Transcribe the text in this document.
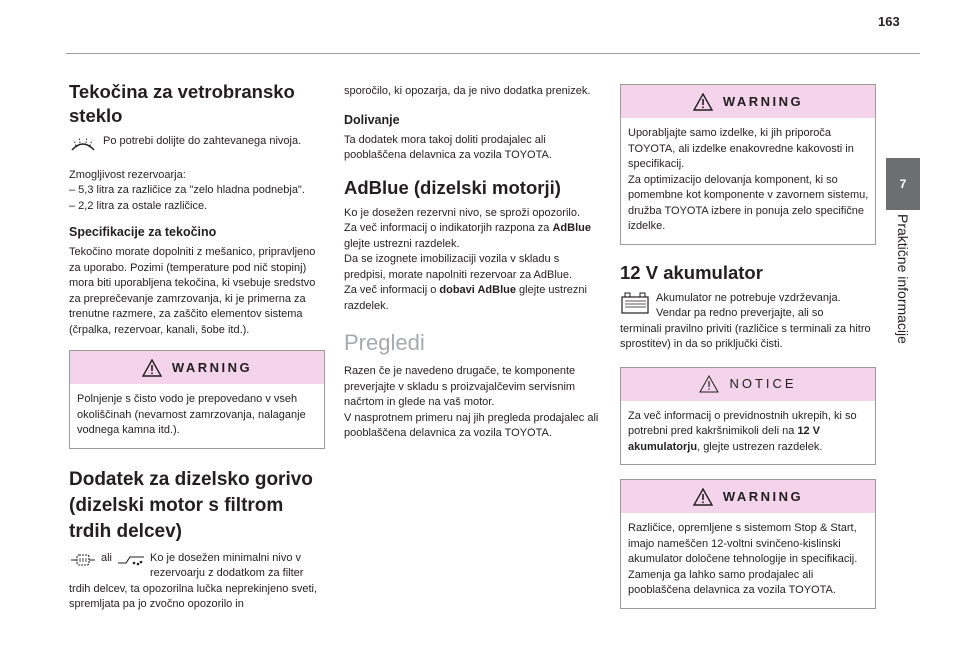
163
7
Praktične informacije
Tekočina za vetrobransko steklo

Po potrebi dolijte do zahtevanega nivoja.

Zmogljivost rezervoarja:

– 5,3 litra za različice za "zelo hladna podnebja".

– 2,2 litra za ostale različice.

Specifikacije za tekočino

Tekočino morate dopolniti z mešanico, pripravljeno za uporabo. Pozimi (temperature pod nič stopinj) mora biti uporabljena tekočina, ki vsebuje sredstvo za preprečevanje zamrzovanja, ki je primerna za trenutne razmere, za zaščito elementov sistema (črpalka, rezervoar, kanali, šobe itd.).

WARNING

Polnjenje s čisto vodo je prepovedano v vseh okoliščinah (nevarnost zamrzovanja, nalaganje vodnega kamna itd.).

Dodatek za dizelsko gorivo (dizelski motor s filtrom trdih delcev)
ali	Ko je dosežen minimalni nivo v rezervoarju z dodatkom za filter

trdih delcev, ta opozorilna lučka neprekinjeno sveti, spremljata pa jo zvočno opozorilo in

sporočilo, ki opozarja, da je nivo dodatka prenizek.

Dolivanje

Ta dodatek mora takoj doliti prodajalec ali pooblaščena delavnica za vozila TOYOTA.

AdBlue (dizelski motorji)

Ko je dosežen rezervni nivo, se sproži opozorilo.

Za več informacij o indikatorjih razpona za AdBlue glejte ustrezni razdelek.

Da se izognete imobilizaciji vozila v skladu s predpisi, morate napolniti rezervoar za AdBlue.

Za več informacij o dobavi AdBlue glejte ustrezni razdelek.

Pregledi

Razen če je navedeno drugače, te komponente preverjajte v skladu s proizvajalčevim servisnim načrtom in glede na vaš motor.

V nasprotnem primeru naj jih pregleda prodajalec ali pooblaščena delavnica za vozila TOYOTA.

WARNING

Uporabljajte samo izdelke, ki jih priporoča TOYOTA, ali izdelke enakovredne kakovosti in specifikacij.

Za optimizacijo delovanja komponent, ki so pomembne kot komponente v zavornem sistemu, družba TOYOTA izbere in ponuja zelo specifične izdelke.

12 V akumulator

Akumulator ne potrebuje vzdrževanja. Vendar pa redno preverjajte, ali so

terminali pravilno priviti (različice s terminali za hitro sprostitev) in da so priključki čisti.

NOTICE

Za več informacij o previdnostnih ukrepih, ki so potrebni pred kakršnimikoli deli na 12 V akumulatorju, glejte ustrezen razdelek.

WARNING

Različice, opremljene s sistemom Stop & Start, imajo nameščen 12-voltni svinčeno-kislinski akumulator določene tehnologije in specifikacij.

Zamenja ga lahko samo prodajalec ali pooblaščena delavnica za vozila TOYOTA.
